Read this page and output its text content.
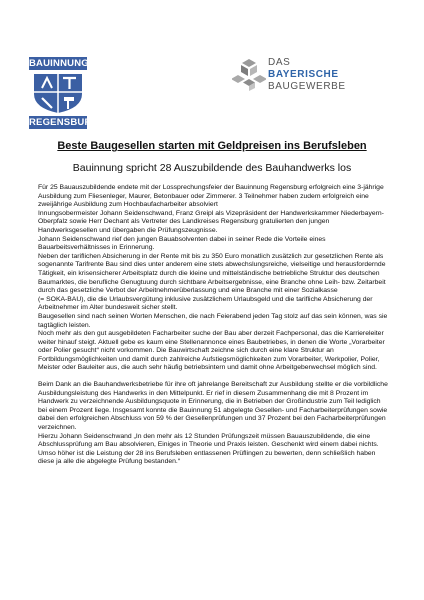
BAUINNUNG
REGENSBURG
DAS
BAYERISCHE
BAUGEWERBE
Beste Baugesellen starten mit Geldpreisen ins Berufsleben
Bauinnung spricht 28 Auszubildende des Bauhandwerks los

Für 25 Bauauszubildende endete mit der Lossprechungsfeier der Bauinnung Regensburg erfolgreich eine 3-jährige Ausbildung zum Fliesenleger, Maurer, Betonbauer oder Zimmerer. 3 Teilnehmer haben zudem erfolgreich eine zweijährige Ausbildung zum Hochbaufacharbeiter absolviert

Innungsobermeister Johann Seidenschwand, Franz Greipl als Vizepräsident der Handwerkskammer Niederbayern-Oberpfalz sowie Herr Dechant als Vertreter des Landkreises Regensburg gratulierten den jungen Handwerksgesellen und übergaben die Prüfungszeugnisse.

Johann Seidenschwand rief den jungen Bauabsolventen dabei in seiner Rede die Vorteile eines Bauarbeitsverhältnisses in Erinnerung.

Neben der tariflichen Absicherung in der Rente mit bis zu 350 Euro monatlich zusätzlich zur gesetzlichen Rente als sogenannte Tarifrente Bau sind dies unter anderem eine stets abwechslungsreiche, vielseitige und herausfordernde Tätigkeit, ein krisensicherer Arbeitsplatz durch die kleine und mittelständische betriebliche Struktur des deutschen Baumarktes, die berufliche Genugtuung durch sichtbare Arbeitsergebnisse, eine Branche ohne Leih- bzw. Zeitarbeit durch das gesetzliche Verbot der Arbeitnehmerüberlassung und eine Branche mit einer Sozialkasse

(= SOKA-BAU), die die Urlaubsvergütung inklusive zusätzlichem Urlaubsgeld und die tarifliche Absicherung der Arbeitnehmer im Alter bundesweit sicher stellt.

Baugesellen sind nach seinen Worten Menschen, die nach Feierabend jeden Tag stolz auf das sein können, was sie tagtäglich leisten.

Noch mehr als den gut ausgebildeten Facharbeiter suche der Bau aber derzeit Fachpersonal, das die Karriereleiter weiter hinauf steigt. Aktuell gebe es kaum eine Stellenannonce eines Baubetriebes, in denen die Worte „Vorarbeiter oder Polier gesucht“ nicht vorkommen. Die Bauwirtschaft zeichne sich durch eine klare Struktur an Fortbildungsmöglichkeiten und damit durch zahlreiche Aufstiegsmöglichkeiten zum Vorarbeiter, Werkpolier, Polier, Meister oder Bauleiter aus, die auch sehr häufig betriebsintern und damit ohne Arbeitgeberwechsel möglich sind.

Beim Dank an die Bauhandwerksbetriebe für ihre oft jahrelange Bereitschaft zur Ausbildung stellte er die vorbildliche Ausbildungsleistung des Handwerks in den Mittelpunkt. Er rief in diesem Zusammenhang die mit 8 Prozent im Handwerk zu verzeichnende Ausbildungsquote in Erinnerung, die in Betrieben der Großindustrie zum Teil lediglich bei einem Prozent liege. Insgesamt konnte die Bauinnung 51 abgelegte Gesellen- und Facharbeiterprüfungen sowie dabei den erfolgreichen Abschluss von 59 % der Gesellenprüfungen und 37 Prozent bei den Facharbeiterprüfungen verzeichnen.

Hierzu Johann Seidenschwand „In den mehr als 12 Stunden Prüfungszeit müssen Bauauszubildende, die eine Abschlussprüfung am Bau absolvieren, Einiges in Theorie und Praxis leisten. Geschenkt wird einem dabei nichts. Umso höher ist die Leistung der 28 ins Berufsleben entlassenen Prüflingen zu bewerten, denn schließlich haben diese ja alle die abgelegte Prüfung bestanden.“
